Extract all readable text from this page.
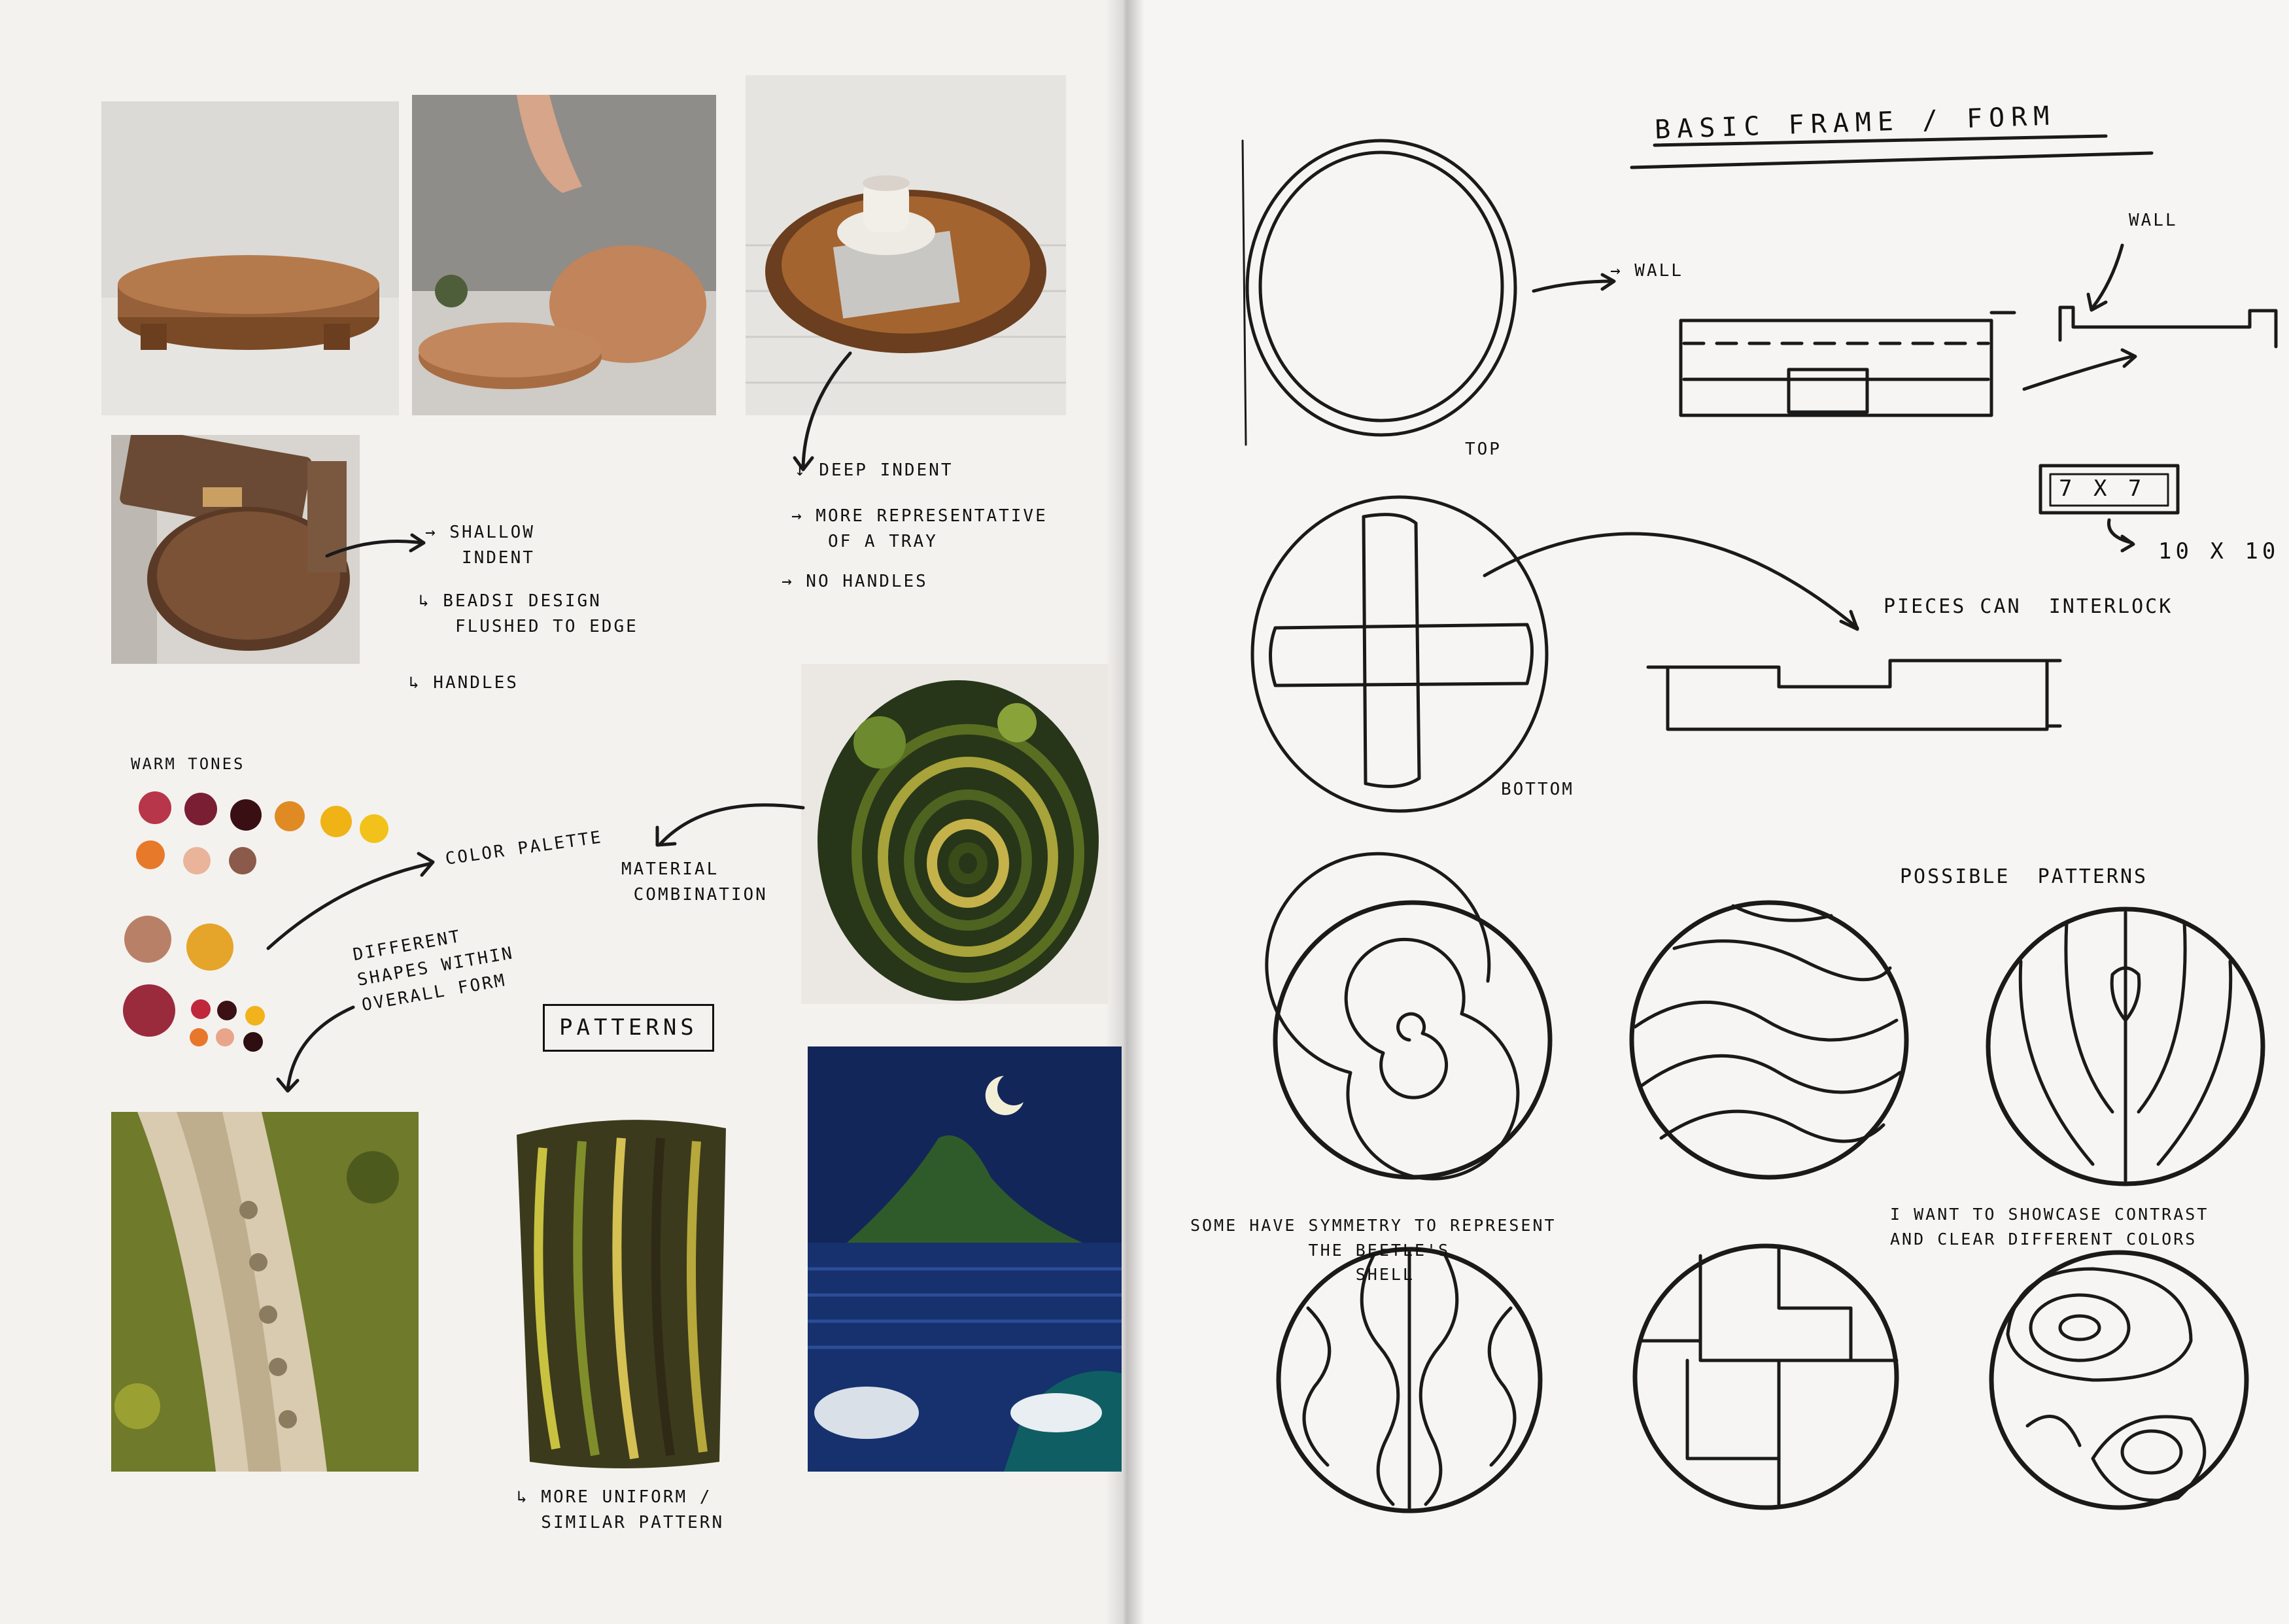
→ SHALLOW
INDENT
↳ BEADSI DESIGN
FLUSHED TO EDGE
↳ HANDLES
↓ DEEP INDENT
→ MORE REPRESENTATIVE
OF A TRAY
→ NO HANDLES
WARM TONES
COLOR PALETTE
MATERIAL
COMBINATION
DIFFERENT
SHAPES WITHIN
OVERALL FORM
PATTERNS
↳ MORE UNIFORM /
SIMILAR PATTERN
BASIC FRAME / FORM
→ WALL
WALL
TOP
BOTTOM
7 X 7
10 X 10
PIECES CAN  INTERLOCK
POSSIBLE  PATTERNS
SOME HAVE SYMMETRY TO REPRESENT
THE BEETLE'S
SHELL
I WANT TO SHOWCASE CONTRAST
AND CLEAR DIFFERENT COLORS
